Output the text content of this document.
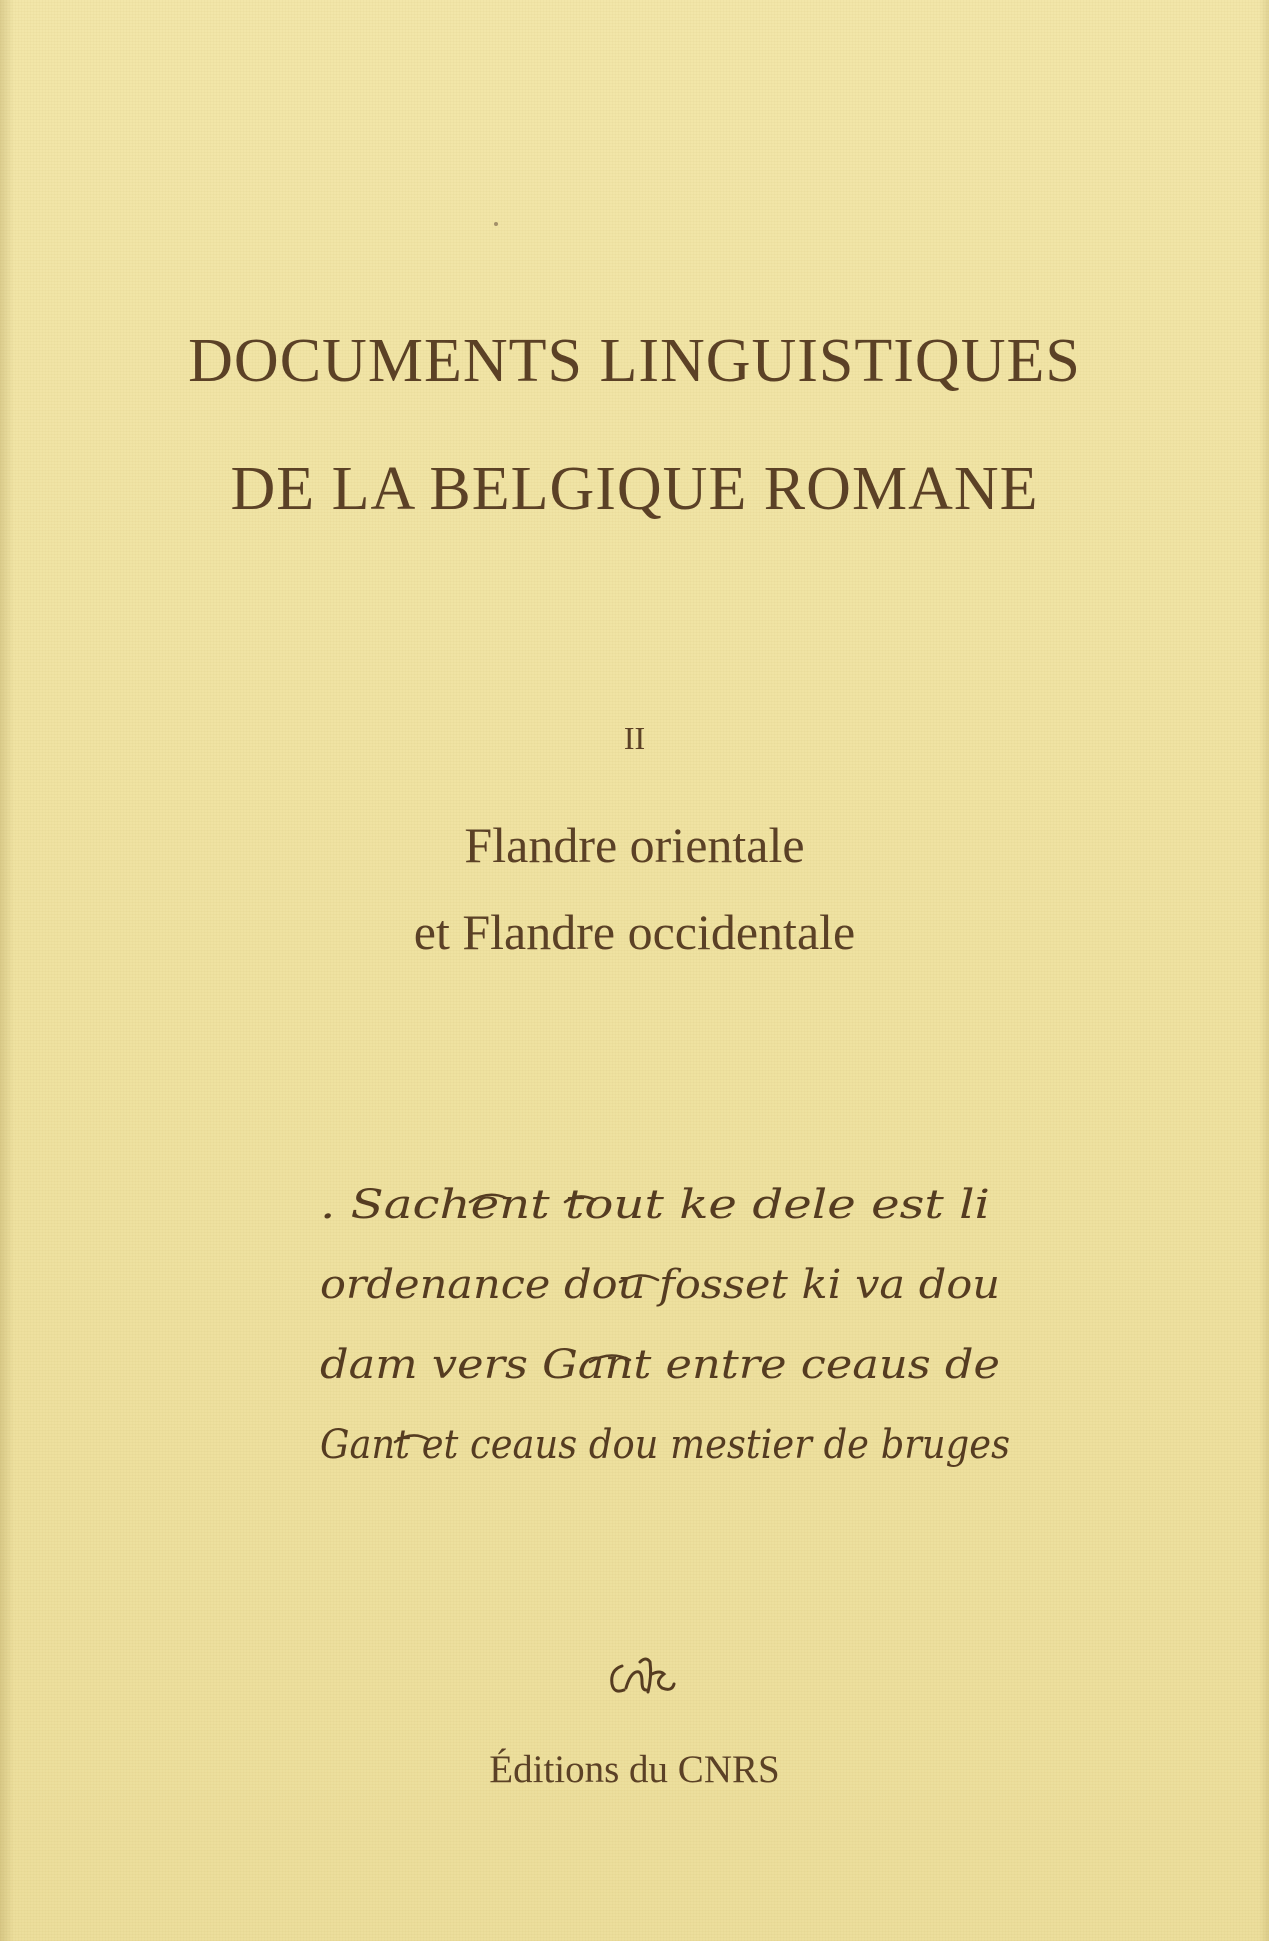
DOCUMENTS LINGUISTIQUES
DE LA BELGIQUE ROMANE
II
Flandre orientale
et Flandre occidentale
. Sachent tout ke dele est li
ordenance dou fosset ki va dou
dam vers Gant entre ceaus de
Gant et ceaus dou mestier de bruges
Éditions du CNRS
